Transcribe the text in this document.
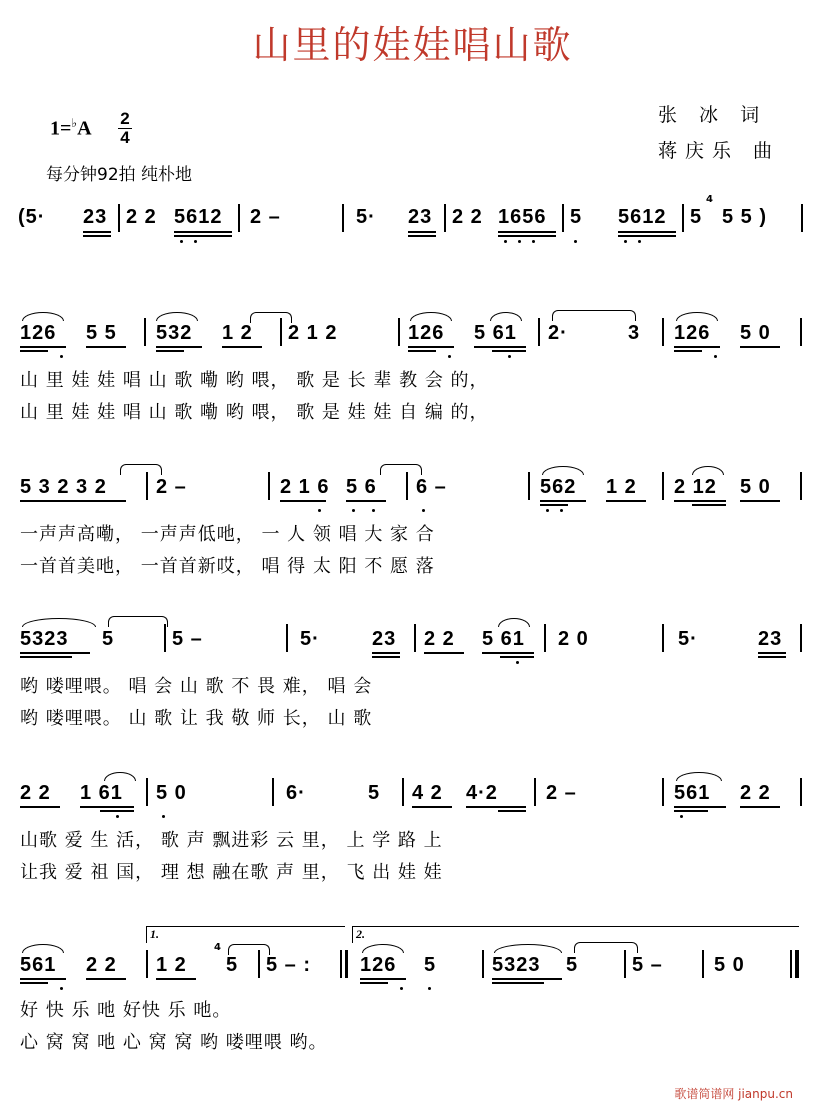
山里的娃娃唱山歌
1=♭A 2
4
每分钟92拍 纯朴地
张 冰 词
蒋庆乐 曲
(5· 23 2 2 5612 2 –	5· 23 2 2 1656 5 5612 5
4
5 5 )
126 5 5 532 1 2 2 1 2	126 5 61 2·	3 126 5 0
山 里 娃 娃 唱 山 歌 嘞 哟 喂， 歌 是 长 辈 教 会 的，
山 里 娃 娃 唱 山 歌 嘞 哟 喂， 歌 是 娃 娃 自 编 的，
5 3 2 3 2 2 –	2 1 6 5 6 6 –	562 1 2 2 12 5 0
一声声高嘞， 一声声低吔， 一 人 领 唱 大 家 合
一首首美吔， 一首首新哎， 唱 得 太 阳 不 愿 落
5323 5	5 –	5·	23 2 2 5 61 2 0	5·	23
哟 喽哩喂。 唱 会 山 歌 不 畏 难， 唱 会
哟 喽哩喂。 山 歌 让 我 敬 师 长， 山 歌
2 2 1 61 5 0	6·	5 4 2 4·2 2 –	561 2 2
山歌 爱 生 活， 歌 声 飘进彩 云 里， 上 学 路 上
让我 爱 祖 国， 理 想 融在歌 声 里， 飞 出 娃 娃
1.	2.
561 2 2 1 2
4
5 5 – : 126 5	5323 5	5 –	5 0
好 快 乐 吔 好快 乐 吔。
心 窝 窝 吔 心 窝 窝 哟 喽哩喂 哟。
歌谱简谱网 jianpu.cn
